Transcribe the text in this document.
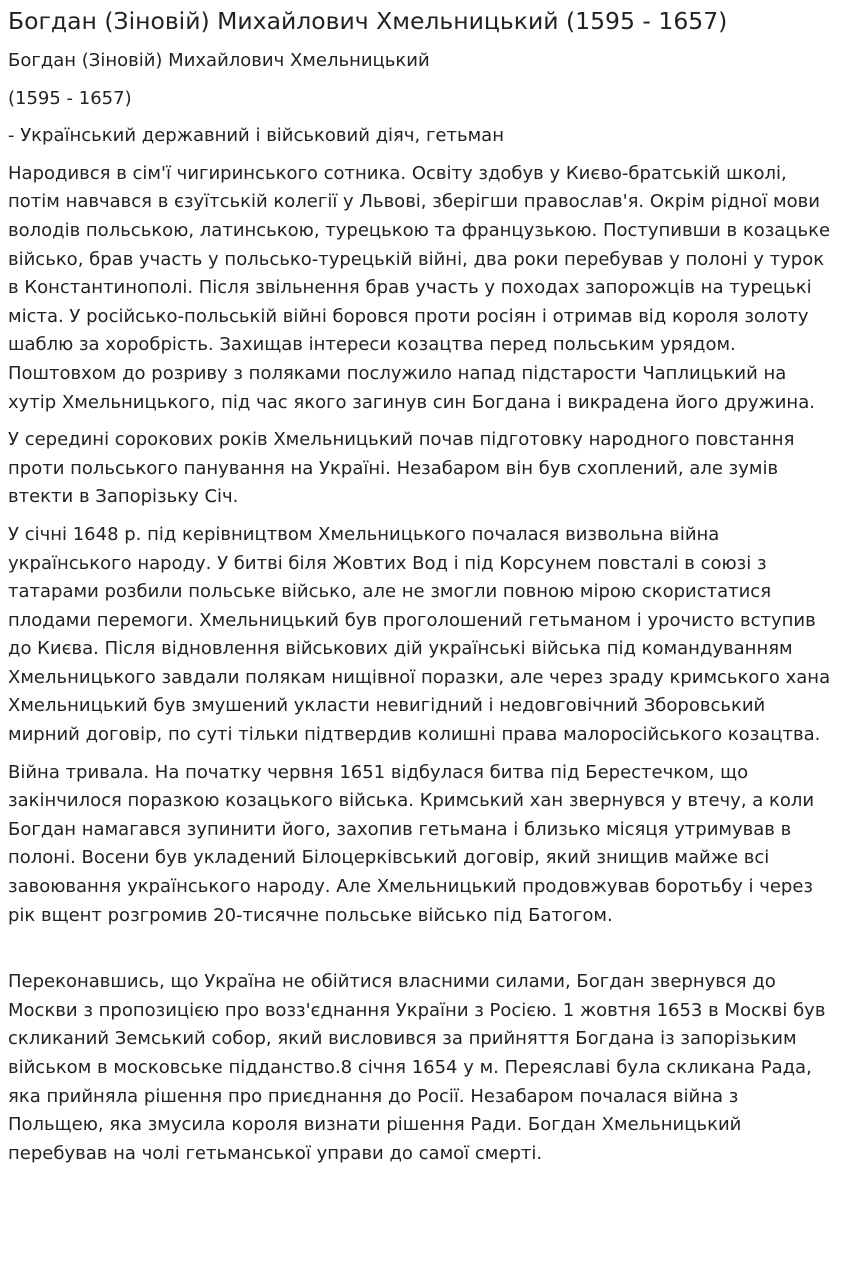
Богдан (Зіновій) Михайлович Хмельницький (1595 - 1657)

Богдан (Зіновій) Михайлович Хмельницький

(1595 - 1657)

- Український державний і військовий діяч, гетьман

Народився в сім'ї чигиринського сотника. Освіту здобув у Києво-братській школі, потім навчався в єзуїтській колегії у Львові, зберігши православ'я. Окрім рідної мови володів польською, латинською, турецькою та французькою. Поступивши в козацьке військо, брав участь у польсько-турецькій війні, два роки перебував у полоні у турок в Константинополі. Після звільнення брав участь у походах запорожців на турецькі міста. У російсько-польській війні боровся проти росіян і отримав від короля золоту шаблю за хоробрість. Захищав інтереси козацтва перед польським урядом. Поштовхом до розриву з поляками послужило напад підстарости Чаплицький на хутір Хмельницького, під час якого загинув син Богдана і викрадена його дружина.

У середині сорокових років Хмельницький почав підготовку народного повстання проти польського панування на Україні. Незабаром він був схоплений, але зумів втекти в Запорізьку Січ.

У січні 1648 р. під керівництвом Хмельницького почалася визвольна війна українського народу. У битві біля Жовтих Вод і під Корсунем повсталі в союзі з татарами розбили польське військо, але не змогли повною мірою скористатися плодами перемоги. Хмельницький був проголошений гетьманом і урочисто вступив до Києва. Після відновлення військових дій українські війська під командуванням Хмельницького завдали полякам нищівної поразки, але через зраду кримського хана Хмельницький був змушений укласти невигідний і недовговічний Зборовський мирний договір, по суті тільки підтвердив колишні права малоросійського козацтва.

Війна тривала. На початку червня 1651 відбулася битва під Берестечком, що закінчилося поразкою козацького війська. Кримський хан звернувся у втечу, а коли Богдан намагався зупинити його, захопив гетьмана і близько місяця утримував в полоні. Восени був укладений Білоцерківський договір, який знищив майже всі завоювання українського народу. Але Хмельницький продовжував боротьбу і через рік вщент розгромив 20-тисячне польське військо під Батогом.

Переконавшись, що Україна не обійтися власними силами, Богдан звернувся до Москви з пропозицією про возз'єднання України з Росією. 1 жовтня 1653 в Москві був скликаний Земський собор, який висловився за прийняття Богдана із запорізьким військом в московське підданство.8 січня 1654 у м. Переяславі була скликана Рада, яка прийняла рішення про приєднання до Росії. Незабаром почалася війна з Польщею, яка змусила короля визнати рішення Ради. Богдан Хмельницький перебував на чолі гетьманської управи до самої смерті.
